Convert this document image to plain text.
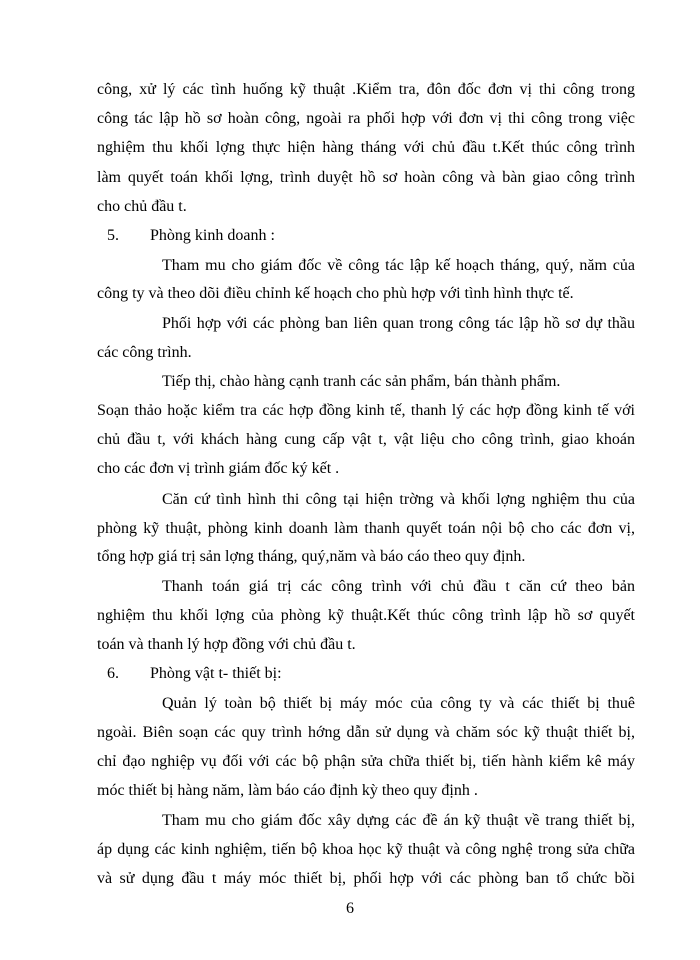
công, xử lý các tình huống kỹ thuật .Kiểm tra, đôn đốc đơn vị thi công trong
công tác lập hồ sơ hoàn công, ngoài ra phối hợp với đơn vị thi công trong việc
nghiệm thu khối lợng thực hiện hàng tháng với chủ đầu t.Kết thúc công trình
làm quyết toán khối lợng, trình duyệt hồ sơ hoàn công và bàn giao công trình
cho chủ đầu t.
5. Phòng kinh doanh :
Tham mu cho giám đốc về công tác lập kế hoạch tháng, quý, năm của
công ty và theo dõi điều chỉnh kế hoạch cho phù hợp với tình hình thực tế.
Phối hợp với các phòng ban liên quan trong công tác lập hồ sơ dự thầu
các công trình.
Tiếp thị, chào hàng cạnh tranh các sản phẩm, bán thành phẩm.
Soạn thảo hoặc kiểm tra các hợp đồng kinh tế, thanh lý các hợp đồng kinh tế với
chủ đầu t, với khách hàng cung cấp vật t, vật liệu cho công trình, giao khoán
cho các đơn vị trình giám đốc ký kết .
Căn cứ tình hình thi công tại hiện trờng và khối lợng nghiệm thu của
phòng kỹ thuật, phòng kinh doanh làm thanh quyết toán nội bộ cho các đơn vị,
tổng hợp giá trị sản lợng tháng, quý,năm và báo cáo theo quy định.
Thanh toán giá trị các công trình với chủ đầu t căn cứ theo bản
nghiệm thu khối lợng của phòng kỹ thuật.Kết thúc công trình lập hồ sơ quyết
toán và thanh lý hợp đồng với chủ đầu t.
6. Phòng vật t- thiết bị:
Quản lý toàn bộ thiết bị máy móc của công ty và các thiết bị thuê
ngoài. Biên soạn các quy trình hớng dẫn sử dụng và chăm sóc kỹ thuật thiết bị,
chỉ đạo nghiệp vụ đối với các bộ phận sửa chữa thiết bị, tiến hành kiểm kê máy
móc thiết bị hàng năm, làm báo cáo định kỳ theo quy định .
Tham mu cho giám đốc xây dựng các đề án kỹ thuật về trang thiết bị,
áp dụng các kinh nghiệm, tiến bộ khoa học kỹ thuật và công nghệ trong sửa chữa
và sử dụng đầu t máy móc thiết bị, phối hợp với các phòng ban tổ chức bồi
6
